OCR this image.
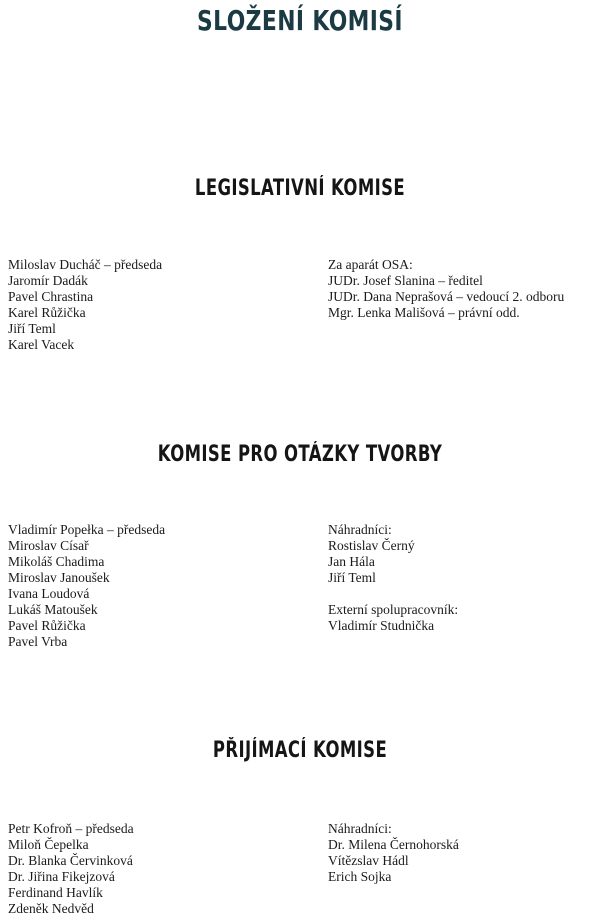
SLOŽENÍ KOMISÍ
LEGISLATIVNÍ KOMISE
Miloslav Ducháč – předseda
Jaromír Dadák
Pavel Chrastina
Karel Růžička
Jiří Teml
Karel Vacek
Za aparát OSA:
JUDr. Josef Slanina – ředitel
JUDr. Dana Neprašová – vedoucí 2. odboru
Mgr. Lenka Mališová – právní odd.
KOMISE PRO OTÁZKY TVORBY
Vladimír Popełka – předseda
Miroslav Císař
Mikoláš Chadima
Miroslav Janoušek
Ivana Loudová
Lukáš Matoušek
Pavel Růžička
Pavel Vrba
Náhradníci:
Rostislav Černý
Jan Hála
Jiří Teml
Externí spolupracovník:
Vladimír Studnička
PŘIJÍMACÍ KOMISE
Petr Kofroň – předseda
Miloň Čepelka
Dr. Blanka Červinková
Dr. Jiřina Fikejzová
Ferdinand Havlík
Zdeněk Nedvěd
Náhradníci:
Dr. Milena Černohorská
Vítězslav Hádl
Erich Sojka
